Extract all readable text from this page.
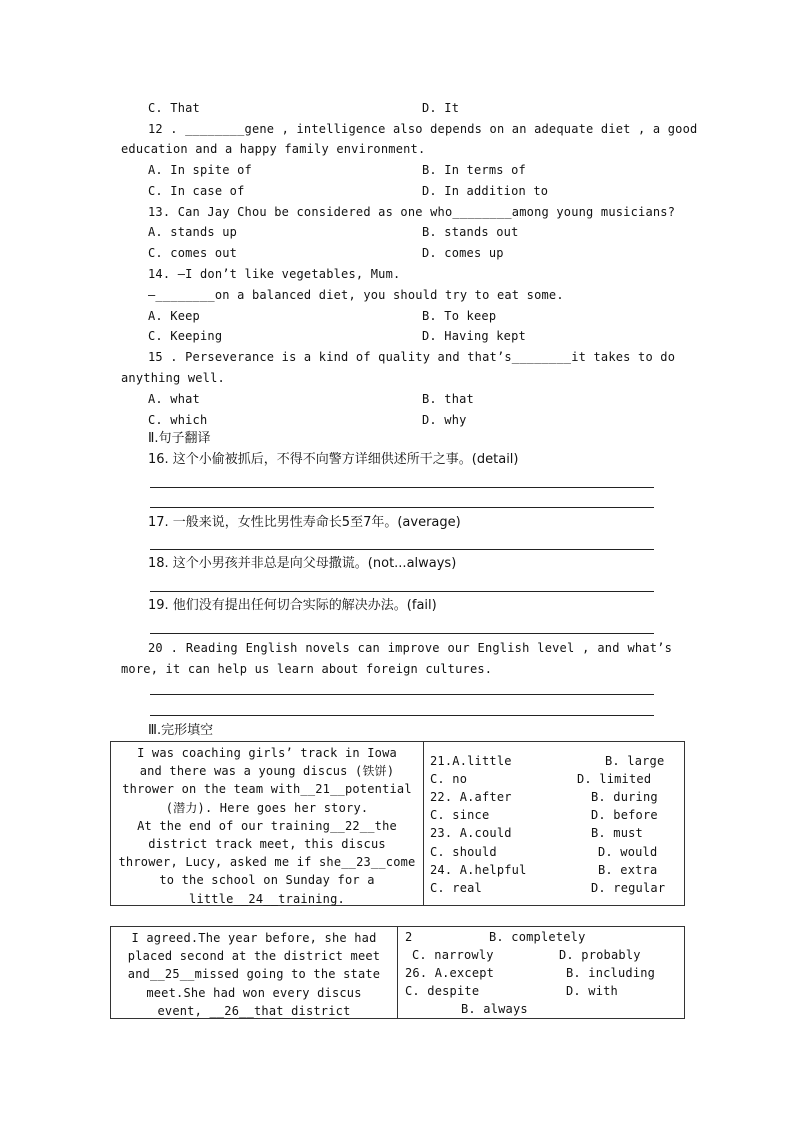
C. That	D. It
12 . ________gene , intelligence also depends on an adequate diet , a good
education and a happy family environment.
A. In spite of	B. In terms of
C. In case of	D. In addition to
13. Can Jay Chou be considered as one who________among young musicians?
A. stands up	B. stands out
C. comes out	D. comes up
14. —I don’t like vegetables, Mum.
—________on a balanced diet, you should try to eat some.
A. Keep	B. To keep
C. Keeping	D. Having kept
15 . Perseverance is a kind of quality and that’s________it takes to do
anything well.
A. what	B. that
C. which	D. why
Ⅱ.句子翻译
16. 这个小偷被抓后，不得不向警方详细供述所干之事。(detail)
17. 一般来说，女性比男性寿命长5至7年。(average)
18. 这个小男孩并非总是向父母撒谎。(not...always)
19. 他们没有提出任何切合实际的解决办法。(fail)
20 . Reading English novels can improve our English level , and what’s
more, it can help us learn about foreign cultures.
Ⅲ.完形填空
I was coaching girls’ track in Iowa
and there was a young discus (铁饼)
thrower on the team with__21__potential
(潜力). Here goes her story.
At the end of our training__22__the
district track meet, this discus
thrower, Lucy, asked me if she__23__come
to the school on Sunday for a
little__24__training.
21.A.little	B. large
C. no	D. limited
22. A.after	B. during
C. since	D. before
23. A.could	B. must
C. should	D. would
24. A.helpful	B. extra
C. real	D. regular
I agreed.The year before, she had
placed second at the district meet
and__25__missed going to the state
meet.She had won every discus
event, __26__that district
2	B. completely
C. narrowly	D. probably
26. A.except	B. including
C. despite	D. with
B. always
